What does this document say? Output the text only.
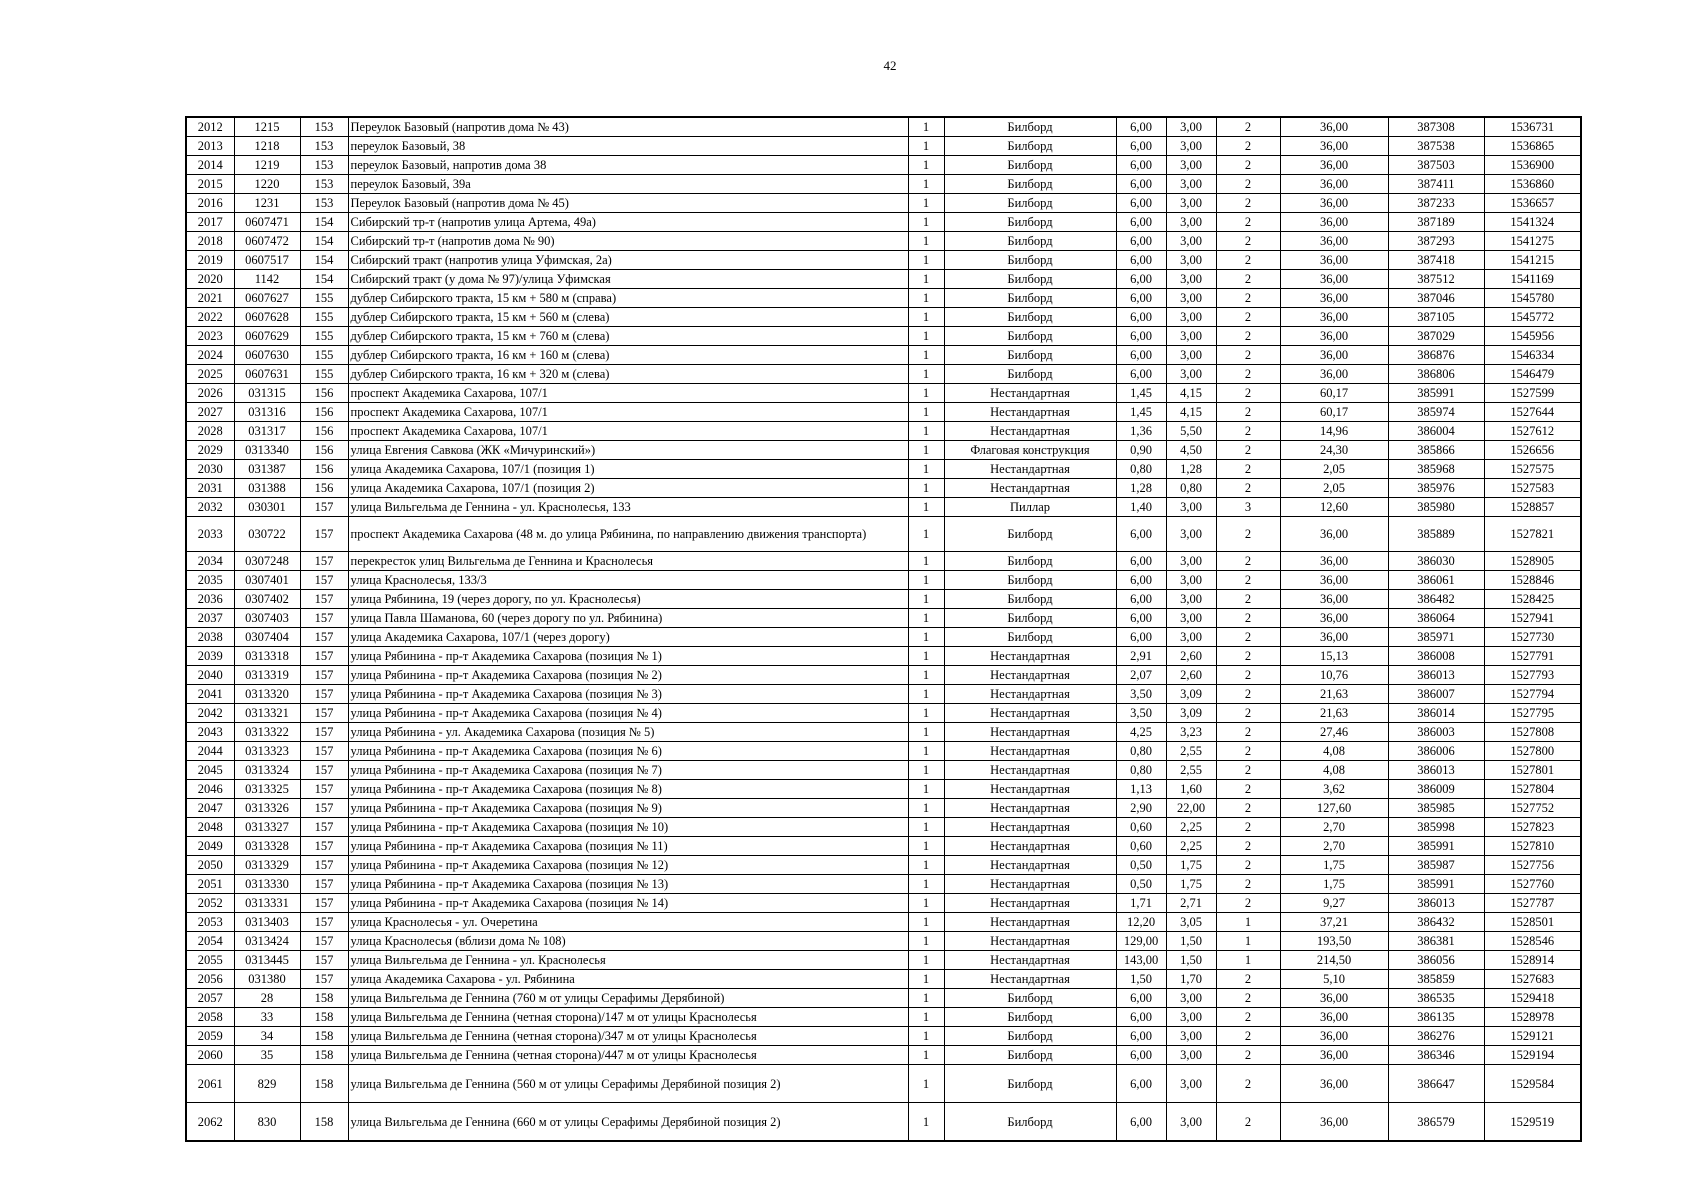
42
2012	1215	153	Переулок Базовый (напротив дома № 43)	1	Билборд	6,00	3,00	2	36,00	387308	1536731
2013	1218	153	переулок Базовый, 38	1	Билборд	6,00	3,00	2	36,00	387538	1536865
2014	1219	153	переулок Базовый, напротив дома 38	1	Билборд	6,00	3,00	2	36,00	387503	1536900
2015	1220	153	переулок Базовый, 39а	1	Билборд	6,00	3,00	2	36,00	387411	1536860
2016	1231	153	Переулок Базовый (напротив дома № 45)	1	Билборд	6,00	3,00	2	36,00	387233	1536657
2017	0607471	154	Сибирский тр-т (напротив улица Артема, 49а)	1	Билборд	6,00	3,00	2	36,00	387189	1541324
2018	0607472	154	Сибирский тр-т (напротив дома № 90)	1	Билборд	6,00	3,00	2	36,00	387293	1541275
2019	0607517	154	Сибирский тракт (напротив улица Уфимская, 2а)	1	Билборд	6,00	3,00	2	36,00	387418	1541215
2020	1142	154	Сибирский тракт (у дома № 97)/улица Уфимская	1	Билборд	6,00	3,00	2	36,00	387512	1541169
2021	0607627	155	дублер Сибирского тракта, 15 км + 580 м (справа)	1	Билборд	6,00	3,00	2	36,00	387046	1545780
2022	0607628	155	дублер Сибирского тракта, 15 км + 560 м (слева)	1	Билборд	6,00	3,00	2	36,00	387105	1545772
2023	0607629	155	дублер Сибирского тракта, 15 км + 760 м (слева)	1	Билборд	6,00	3,00	2	36,00	387029	1545956
2024	0607630	155	дублер Сибирского тракта, 16 км + 160 м (слева)	1	Билборд	6,00	3,00	2	36,00	386876	1546334
2025	0607631	155	дублер Сибирского тракта, 16 км + 320 м (слева)	1	Билборд	6,00	3,00	2	36,00	386806	1546479
2026	031315	156	проспект Академика Сахарова, 107/1	1	Нестандартная	1,45	4,15	2	60,17	385991	1527599
2027	031316	156	проспект Академика Сахарова, 107/1	1	Нестандартная	1,45	4,15	2	60,17	385974	1527644
2028	031317	156	проспект Академика Сахарова, 107/1	1	Нестандартная	1,36	5,50	2	14,96	386004	1527612
2029	0313340	156	улица Евгения Савкова (ЖК «Мичуринский»)	1	Флаговая конструкция	0,90	4,50	2	24,30	385866	1526656
2030	031387	156	улица Академика Сахарова, 107/1 (позиция 1)	1	Нестандартная	0,80	1,28	2	2,05	385968	1527575
2031	031388	156	улица Академика Сахарова, 107/1 (позиция 2)	1	Нестандартная	1,28	0,80	2	2,05	385976	1527583
2032	030301	157	улица Вильгельма де Геннина - ул. Краснолесья, 133	1	Пиллар	1,40	3,00	3	12,60	385980	1528857
2033	030722	157	проспект Академика Сахарова (48 м. до улица Рябинина, по направлению движения транспорта)	1	Билборд	6,00	3,00	2	36,00	385889	1527821
2034	0307248	157	перекресток улиц Вильгельма де Геннина и Краснолесья	1	Билборд	6,00	3,00	2	36,00	386030	1528905
2035	0307401	157	улица Краснолесья, 133/3	1	Билборд	6,00	3,00	2	36,00	386061	1528846
2036	0307402	157	улица Рябинина, 19 (через дорогу, по ул. Краснолесья)	1	Билборд	6,00	3,00	2	36,00	386482	1528425
2037	0307403	157	улица Павла Шаманова, 60 (через дорогу по ул. Рябинина)	1	Билборд	6,00	3,00	2	36,00	386064	1527941
2038	0307404	157	улица Академика Сахарова, 107/1 (через дорогу)	1	Билборд	6,00	3,00	2	36,00	385971	1527730
2039	0313318	157	улица Рябинина - пр-т Академика Сахарова (позиция № 1)	1	Нестандартная	2,91	2,60	2	15,13	386008	1527791
2040	0313319	157	улица Рябинина - пр-т Академика Сахарова (позиция № 2)	1	Нестандартная	2,07	2,60	2	10,76	386013	1527793
2041	0313320	157	улица Рябинина - пр-т Академика Сахарова (позиция № 3)	1	Нестандартная	3,50	3,09	2	21,63	386007	1527794
2042	0313321	157	улица Рябинина - пр-т Академика Сахарова (позиция № 4)	1	Нестандартная	3,50	3,09	2	21,63	386014	1527795
2043	0313322	157	улица Рябинина - ул. Академика Сахарова (позиция № 5)	1	Нестандартная	4,25	3,23	2	27,46	386003	1527808
2044	0313323	157	улица Рябинина - пр-т Академика Сахарова (позиция № 6)	1	Нестандартная	0,80	2,55	2	4,08	386006	1527800
2045	0313324	157	улица Рябинина - пр-т Академика Сахарова (позиция № 7)	1	Нестандартная	0,80	2,55	2	4,08	386013	1527801
2046	0313325	157	улица Рябинина - пр-т Академика Сахарова (позиция № 8)	1	Нестандартная	1,13	1,60	2	3,62	386009	1527804
2047	0313326	157	улица Рябинина - пр-т Академика Сахарова (позиция № 9)	1	Нестандартная	2,90	22,00	2	127,60	385985	1527752
2048	0313327	157	улица Рябинина - пр-т Академика Сахарова (позиция № 10)	1	Нестандартная	0,60	2,25	2	2,70	385998	1527823
2049	0313328	157	улица Рябинина - пр-т Академика Сахарова (позиция № 11)	1	Нестандартная	0,60	2,25	2	2,70	385991	1527810
2050	0313329	157	улица Рябинина - пр-т Академика Сахарова (позиция № 12)	1	Нестандартная	0,50	1,75	2	1,75	385987	1527756
2051	0313330	157	улица Рябинина - пр-т Академика Сахарова (позиция № 13)	1	Нестандартная	0,50	1,75	2	1,75	385991	1527760
2052	0313331	157	улица Рябинина - пр-т Академика Сахарова (позиция № 14)	1	Нестандартная	1,71	2,71	2	9,27	386013	1527787
2053	0313403	157	улица Краснолесья - ул. Очеретина	1	Нестандартная	12,20	3,05	1	37,21	386432	1528501
2054	0313424	157	улица Краснолесья (вблизи дома № 108)	1	Нестандартная	129,00	1,50	1	193,50	386381	1528546
2055	0313445	157	улица Вильгельма де Геннина - ул. Краснолесья	1	Нестандартная	143,00	1,50	1	214,50	386056	1528914
2056	031380	157	улица Академика Сахарова - ул. Рябинина	1	Нестандартная	1,50	1,70	2	5,10	385859	1527683
2057	28	158	улица Вильгельма де Геннина (760 м от улицы Серафимы Дерябиной)	1	Билборд	6,00	3,00	2	36,00	386535	1529418
2058	33	158	улица Вильгельма де Геннина (четная сторона)/147 м от улицы Краснолесья	1	Билборд	6,00	3,00	2	36,00	386135	1528978
2059	34	158	улица Вильгельма де Геннина (четная сторона)/347 м от улицы Краснолесья	1	Билборд	6,00	3,00	2	36,00	386276	1529121
2060	35	158	улица Вильгельма де Геннина (четная сторона)/447 м от улицы Краснолесья	1	Билборд	6,00	3,00	2	36,00	386346	1529194
2061	829	158	улица Вильгельма де Геннина (560 м от улицы Серафимы Дерябиной позиция 2)	1	Билборд	6,00	3,00	2	36,00	386647	1529584
2062	830	158	улица Вильгельма де Геннина (660 м от улицы Серафимы Дерябиной позиция 2)	1	Билборд	6,00	3,00	2	36,00	386579	1529519
